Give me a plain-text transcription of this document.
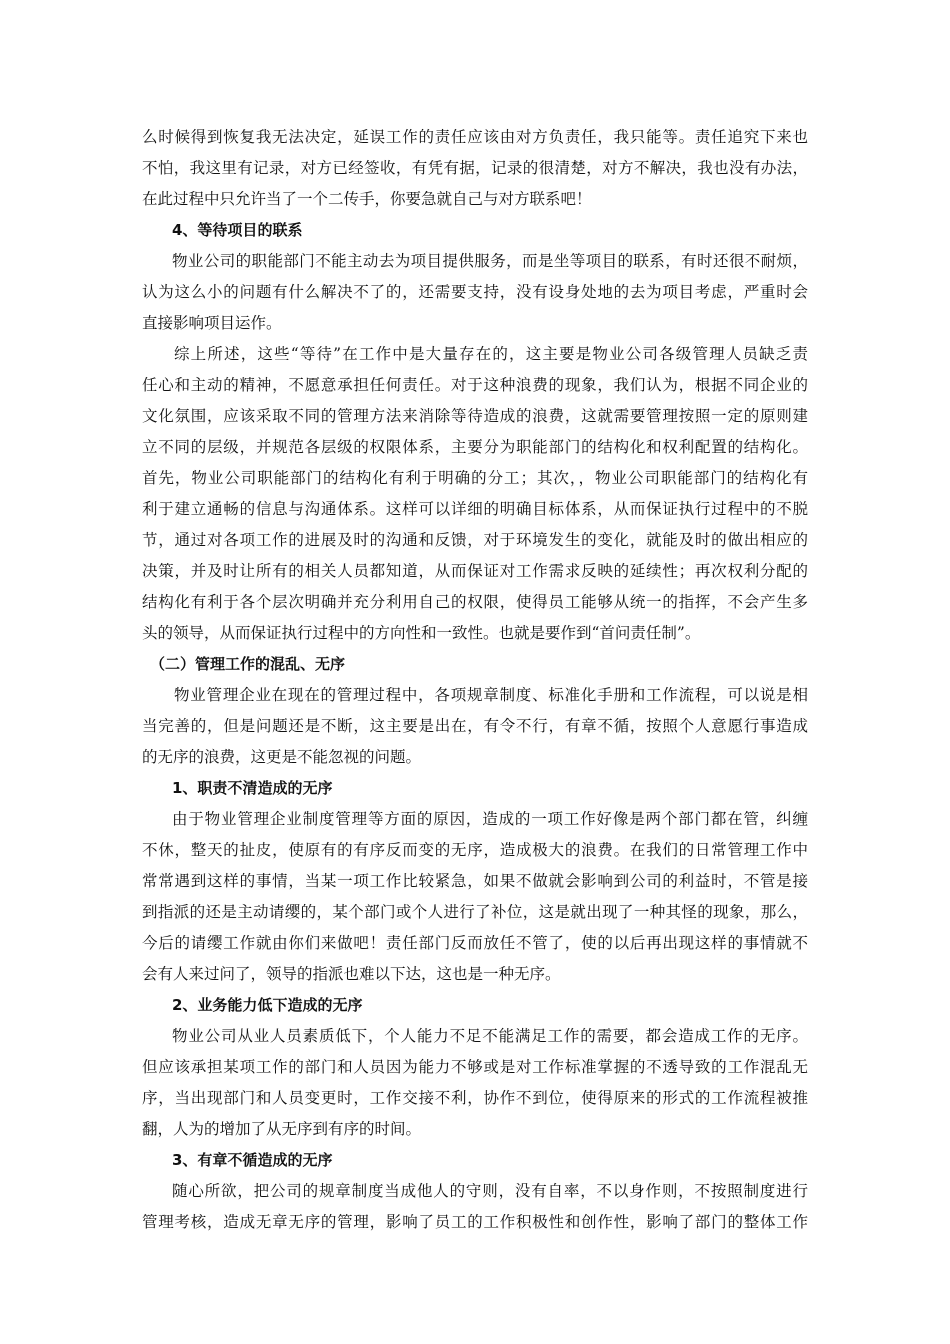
么时候得到恢复我无法决定，延误工作的责任应该由对方负责任，我只能等。责任追究下来也
不怕，我这里有记录，对方已经签收，有凭有据，记录的很清楚，对方不解决，我也没有办法，
在此过程中只允许当了一个二传手，你要急就自己与对方联系吧！
4、等待项目的联系
物业公司的职能部门不能主动去为项目提供服务，而是坐等项目的联系，有时还很不耐烦，
认为这么小的问题有什么解决不了的，还需要支持，没有设身处地的去为项目考虑，严重时会
直接影响项目运作。
综上所述，这些“等待”在工作中是大量存在的，这主要是物业公司各级管理人员缺乏责
任心和主动的精神，不愿意承担任何责任。对于这种浪费的现象，我们认为，根据不同企业的
文化氛围，应该采取不同的管理方法来消除等待造成的浪费，这就需要管理按照一定的原则建
立不同的层级，并规范各层级的权限体系，主要分为职能部门的结构化和权利配置的结构化。
首先，物业公司职能部门的结构化有利于明确的分工；其次，，物业公司职能部门的结构化有
利于建立通畅的信息与沟通体系。这样可以详细的明确目标体系，从而保证执行过程中的不脱
节，通过对各项工作的进展及时的沟通和反馈，对于环境发生的变化，就能及时的做出相应的
决策，并及时让所有的相关人员都知道，从而保证对工作需求反映的延续性；再次权利分配的
结构化有利于各个层次明确并充分利用自己的权限，使得员工能够从统一的指挥，不会产生多
头的领导，从而保证执行过程中的方向性和一致性。也就是要作到“首问责任制”。
（二）管理工作的混乱、无序
物业管理企业在现在的管理过程中，各项规章制度、标准化手册和工作流程，可以说是相
当完善的，但是问题还是不断，这主要是出在，有令不行，有章不循，按照个人意愿行事造成
的无序的浪费，这更是不能忽视的问题。
1、职责不清造成的无序
由于物业管理企业制度管理等方面的原因，造成的一项工作好像是两个部门都在管，纠缠
不休，整天的扯皮，使原有的有序反而变的无序，造成极大的浪费。在我们的日常管理工作中
常常遇到这样的事情，当某一项工作比较紧急，如果不做就会影响到公司的利益时，不管是接
到指派的还是主动请缨的，某个部门或个人进行了补位，这是就出现了一种其怪的现象，那么，
今后的请缨工作就由你们来做吧！责任部门反而放任不管了，使的以后再出现这样的事情就不
会有人来过问了，领导的指派也难以下达，这也是一种无序。
2、业务能力低下造成的无序
物业公司从业人员素质低下，个人能力不足不能满足工作的需要，都会造成工作的无序。
但应该承担某项工作的部门和人员因为能力不够或是对工作标准掌握的不透导致的工作混乱无
序，当出现部门和人员变更时，工作交接不利，协作不到位，使得原来的形式的工作流程被推
翻，人为的增加了从无序到有序的时间。
3、有章不循造成的无序
随心所欲，把公司的规章制度当成他人的守则，没有自率，不以身作则，不按照制度进行
管理考核，造成无章无序的管理，影响了员工的工作积极性和创作性，影响了部门的整体工作
